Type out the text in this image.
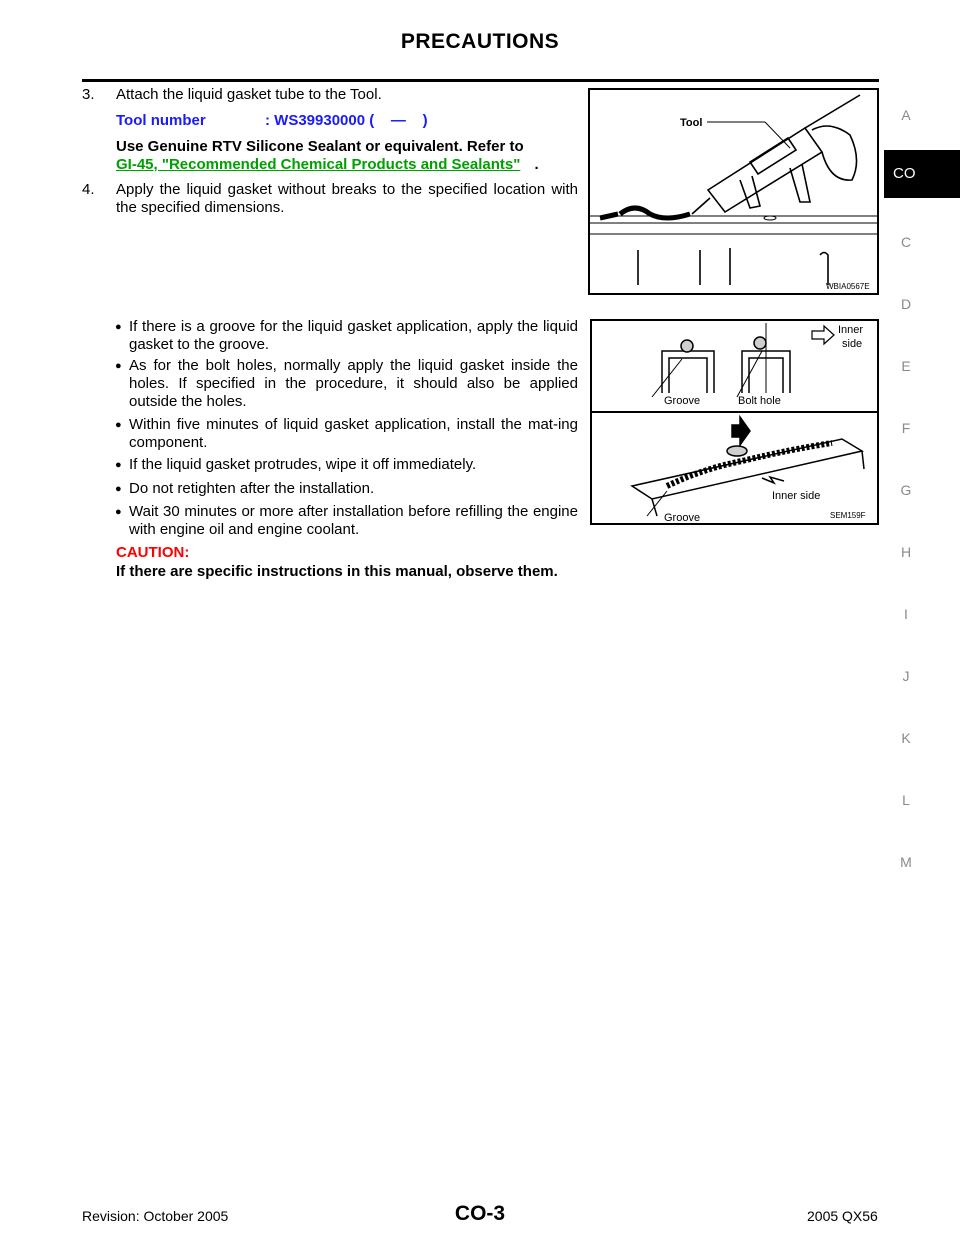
PRECAUTIONS
A
CO
C
D
E
F
G
H
I
J
K
L
M
3. Attach the liquid gasket tube to the Tool.
Tool number	: WS39930000 (    —    )
Use Genuine RTV Silicone Sealant or equivalent. Refer to
GI-45, "Recommended Chemical Products and Sealants" .
4. Apply the liquid gasket without breaks to the specified location with the specified dimensions.
● If there is a groove for the liquid gasket application, apply the liquid gasket to the groove.
● As for the bolt holes, normally apply the liquid gasket inside the holes. If specified in the procedure, it should also be applied outside the holes.
● Within five minutes of liquid gasket application, install the mat-ing component.
● If the liquid gasket protrudes, wipe it off immediately.
● Do not retighten after the installation.
● Wait 30 minutes or more after installation before refilling the engine with engine oil and engine coolant.
CAUTION:
If there are specific instructions in this manual, observe them.
Tool
WBIA0567E
Inner
side
Groove	Bolt hole
Inner side
Groove	SEM159F
Revision: October 2005	CO-3	2005 QX56
